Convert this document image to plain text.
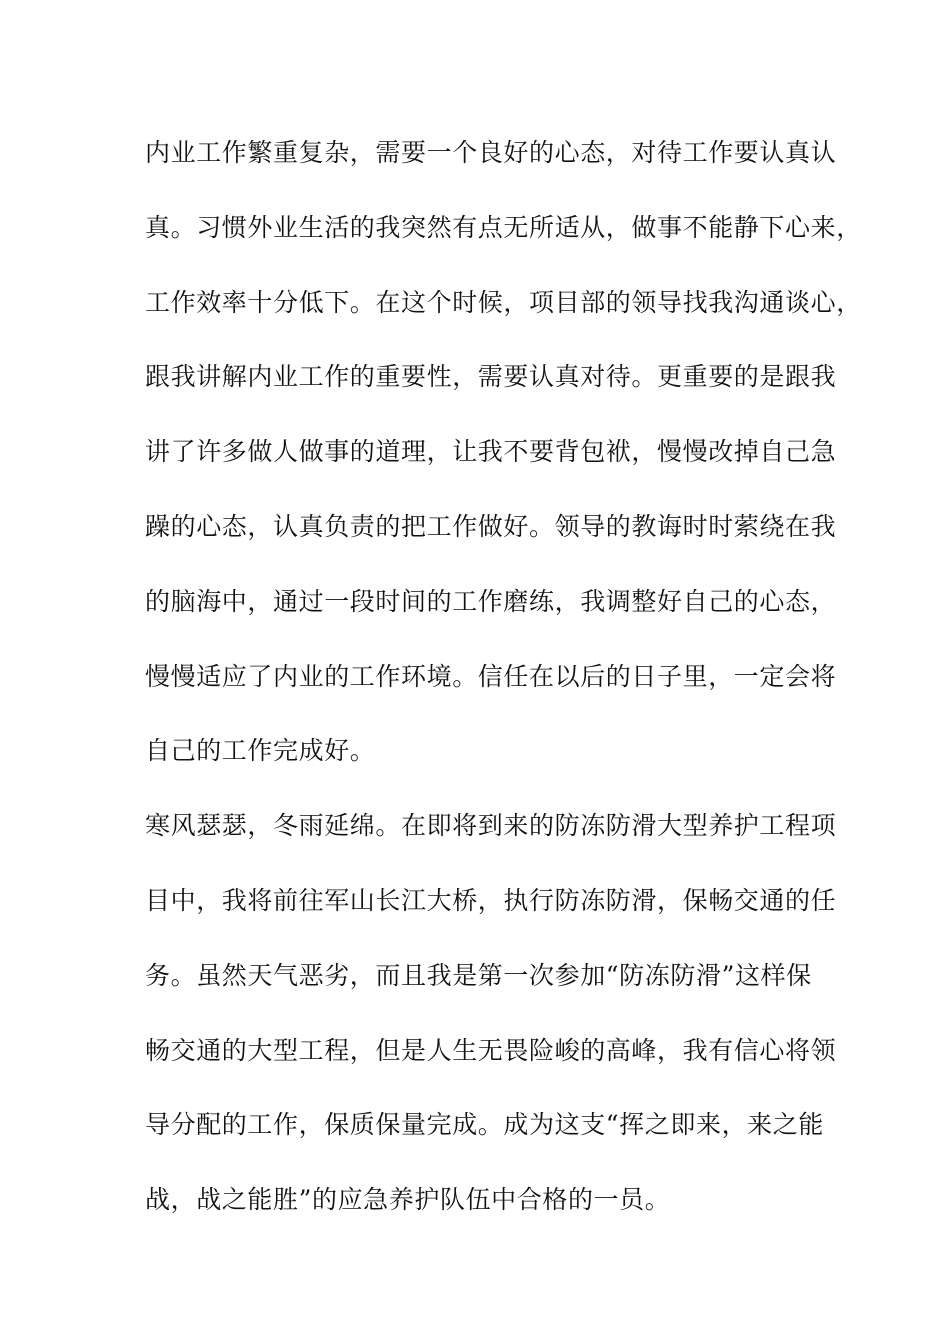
内业工作繁重复杂，需要一个良好的心态，对待工作要认真认
真。习惯外业生活的我突然有点无所适从，做事不能静下心来，
工作效率十分低下。在这个时候，项目部的领导找我沟通谈心，
跟我讲解内业工作的重要性，需要认真对待。更重要的是跟我
讲了许多做人做事的道理，让我不要背包袱，慢慢改掉自己急
躁的心态，认真负责的把工作做好。领导的教诲时时萦绕在我
的脑海中，通过一段时间的工作磨练，我调整好自己的心态，
慢慢适应了内业的工作环境。信任在以后的日子里，一定会将
自己的工作完成好。
寒风瑟瑟，冬雨延绵。在即将到来的防冻防滑大型养护工程项
目中，我将前往军山长江大桥，执行防冻防滑，保畅交通的任
务。虽然天气恶劣，而且我是第一次参加“防冻防滑”这样保
畅交通的大型工程，但是人生无畏险峻的高峰，我有信心将领
导分配的工作，保质保量完成。成为这支“挥之即来，来之能
战，战之能胜”的应急养护队伍中合格的一员。
